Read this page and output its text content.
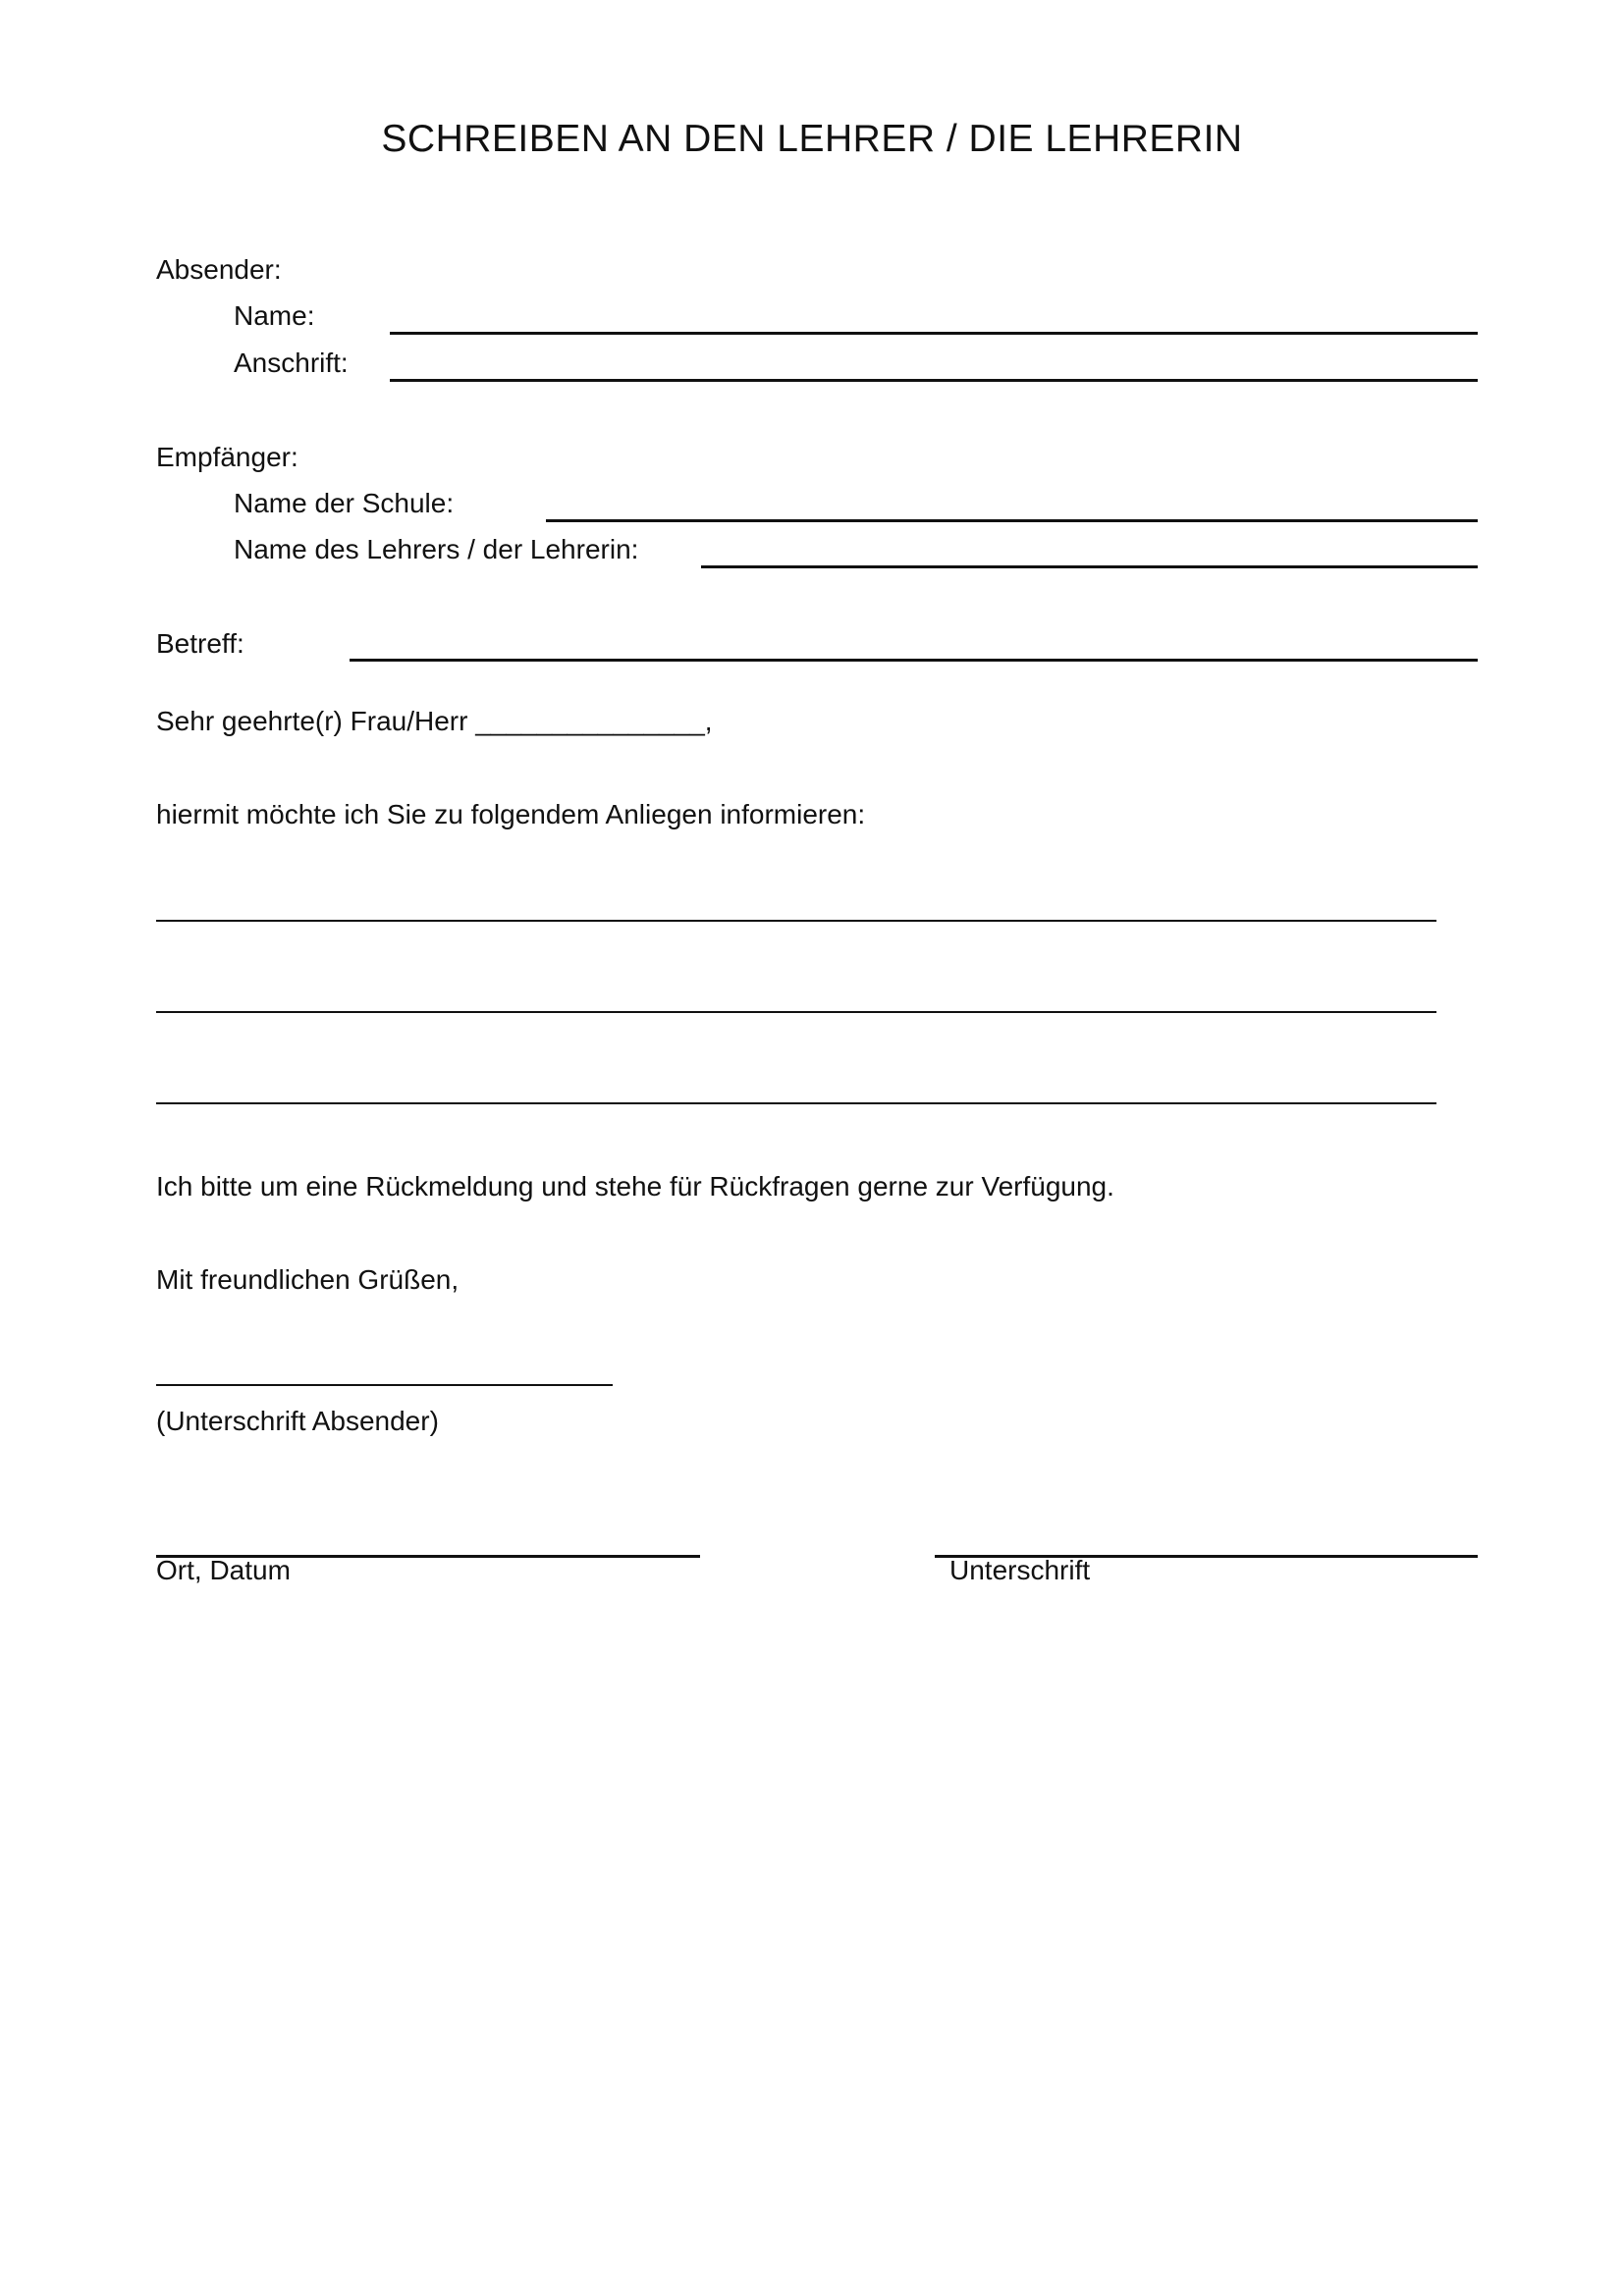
SCHREIBEN AN DEN LEHRER / DIE LEHRERIN
Absender:
Name:
Anschrift:
Empfänger:
Name der Schule:
Name des Lehrers / der Lehrerin:
Betreff:
Sehr geehrte(r) Frau/Herr _______________,
hiermit möchte ich Sie zu folgendem Anliegen informieren:
Ich bitte um eine Rückmeldung und stehe für Rückfragen gerne zur Verfügung.
Mit freundlichen Grüßen,
(Unterschrift Absender)
Ort, Datum	Unterschrift
